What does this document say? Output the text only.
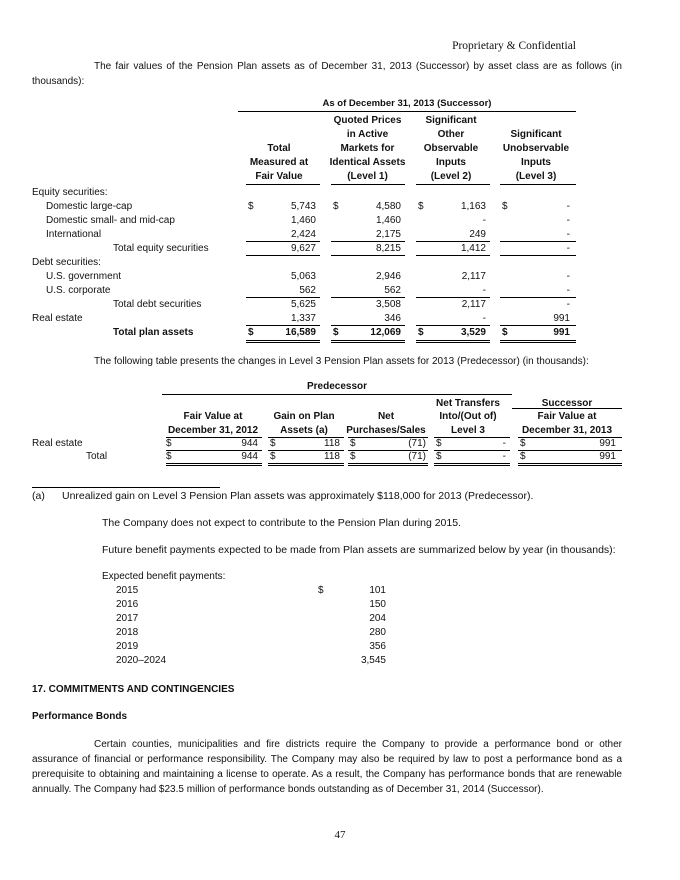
Proprietary & Confidential
The fair values of the Pension Plan assets as of December 31, 2013 (Successor) by asset class are as follows (in thousands):
As of December 31, 2013 (Successor)
Total
Measured at
Fair Value
Quoted Prices
in Active
Markets for
Identical Assets
(Level 1)
Significant
Other
Observable
Inputs
(Level 2)
Significant
Unobservable
Inputs
(Level 3)
Equity securities:
Domestic large-cap	$	5,743 $	4,580 $	1,163 $	-
Domestic small- and mid-cap	1,460	1,460	-	-
International	2,424	2,175	249	-
Total equity securities	9,627	8,215	1,412	-
Debt securities:
U.S. government	5,063	2,946	2,117	-
U.S. corporate	562	562	-	-
Total debt securities	5,625	3,508	2,117	-
Real estate	1,337	346	-	991
Total plan assets	$	16,589 $	12,069 $	3,529 $	991
The following table presents the changes in Level 3 Pension Plan assets for 2013 (Predecessor) (in thousands):
Predecessor
Successor
Net Transfers
Fair Value at	Gain on Plan	Net	Into/(Out of)	Fair Value at
December 31, 2012	Assets (a)	Purchases/Sales	Level 3	December 31, 2013
Real estate	$	944 $	118 $	(71) $	- $	991
Total	$	944 $	118 $	(71) $	- $	991
(a) Unrealized gain on Level 3 Pension Plan assets was approximately $118,000 for 2013 (Predecessor).
The Company does not expect to contribute to the Pension Plan during 2015.
Future benefit payments expected to be made from Plan assets are summarized below by year (in thousands):
Expected benefit payments:
2015	$	101
2016	150
2017	204
2018	280
2019	356
2020–2024	3,545
17. COMMITMENTS AND CONTINGENCIES
Performance Bonds
Certain counties, municipalities and fire districts require the Company to provide a performance bond or other assurance of financial or performance responsibility. The Company may also be required by law to post a performance bond as a prerequisite to obtaining and maintaining a license to operate. As a result, the Company has performance bonds that are renewable annually. The Company had $23.5 million of performance bonds outstanding as of December 31, 2014 (Successor).
47
